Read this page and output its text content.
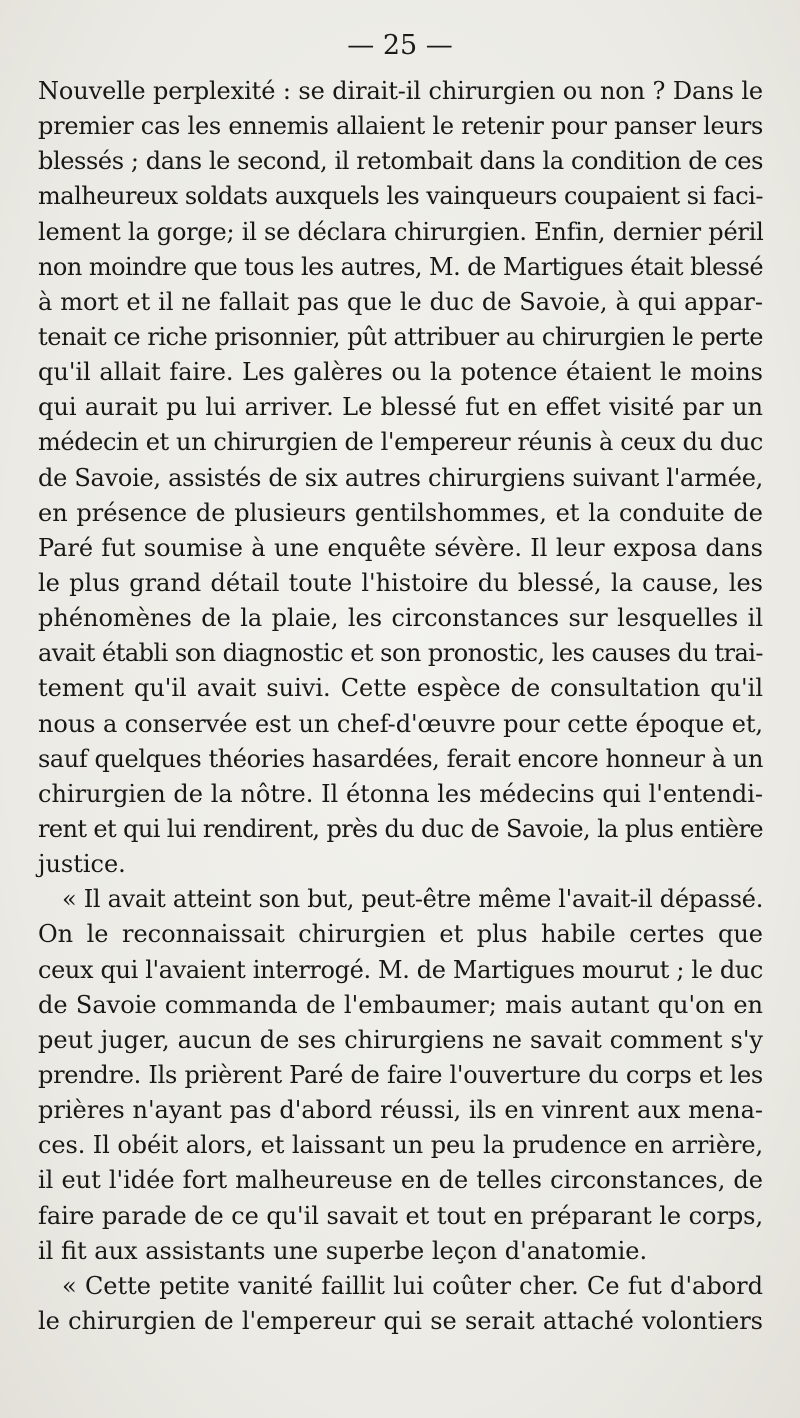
— 25 —
Nouvelle perplexité : se dirait-il chirurgien ou non ? Dans le
premier cas les ennemis allaient le retenir pour panser leurs
blessés ; dans le second, il retombait dans la condition de ces
malheureux soldats auxquels les vainqueurs coupaient si faci-
lement la gorge; il se déclara chirurgien. Enfin, dernier péril
non moindre que tous les autres, M. de Martigues était blessé
à mort et il ne fallait pas que le duc de Savoie, à qui appar-
tenait ce riche prisonnier, pût attribuer au chirurgien le perte
qu'il allait faire. Les galères ou la potence étaient le moins
qui aurait pu lui arriver. Le blessé fut en effet visité par un
médecin et un chirurgien de l'empereur réunis à ceux du duc
de Savoie, assistés de six autres chirurgiens suivant l'armée,
en présence de plusieurs gentilshommes, et la conduite de
Paré fut soumise à une enquête sévère. Il leur exposa dans
le plus grand détail toute l'histoire du blessé, la cause, les
phénomènes de la plaie, les circonstances sur lesquelles il
avait établi son diagnostic et son pronostic, les causes du trai-
tement qu'il avait suivi. Cette espèce de consultation qu'il
nous a conservée est un chef-d'œuvre pour cette époque et,
sauf quelques théories hasardées, ferait encore honneur à un
chirurgien de la nôtre. Il étonna les médecins qui l'entendi-
rent et qui lui rendirent, près du duc de Savoie, la plus entière
justice.
« Il avait atteint son but, peut-être même l'avait-il dépassé.
On le reconnaissait chirurgien et plus habile certes que
ceux qui l'avaient interrogé. M. de Martigues mourut ; le duc
de Savoie commanda de l'embaumer; mais autant qu'on en
peut juger, aucun de ses chirurgiens ne savait comment s'y
prendre. Ils prièrent Paré de faire l'ouverture du corps et les
prières n'ayant pas d'abord réussi, ils en vinrent aux mena-
ces. Il obéit alors, et laissant un peu la prudence en arrière,
il eut l'idée fort malheureuse en de telles circonstances, de
faire parade de ce qu'il savait et tout en préparant le corps,
il fit aux assistants une superbe leçon d'anatomie.
« Cette petite vanité faillit lui coûter cher. Ce fut d'abord
le chirurgien de l'empereur qui se serait attaché volontiers
